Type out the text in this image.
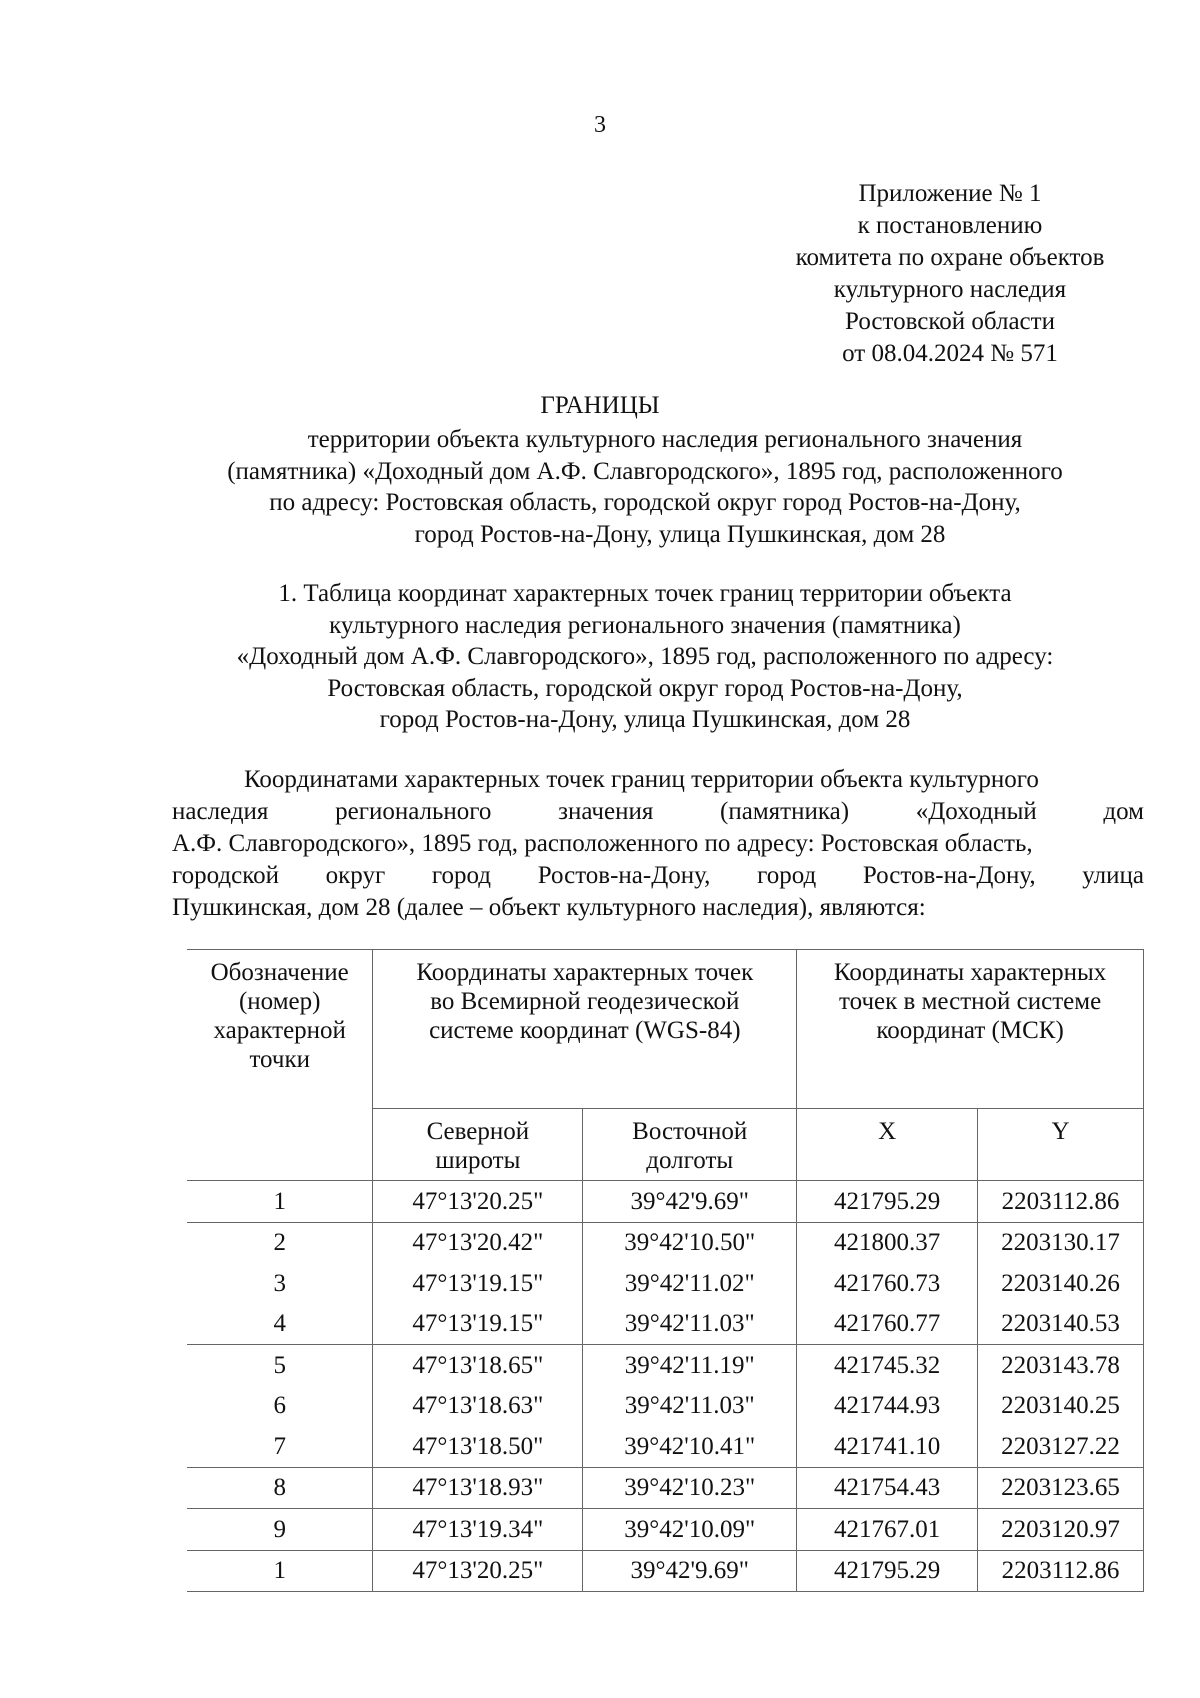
3
Приложение № 1
к постановлению
комитета по охране объектов
культурного наследия
Ростовской области
от 08.04.2024 № 571
ГРАНИЦЫ
территории объекта культурного наследия регионального значения
(памятника) «Доходный дом А.Ф. Славгородского», 1895 год, расположенного
по адресу: Ростовская область, городской округ город Ростов-на-Дону,
город Ростов-на-Дону, улица Пушкинская, дом 28
1. Таблица координат характерных точек границ территории объекта
культурного наследия регионального значения (памятника)
«Доходный дом А.Ф. Славгородского», 1895 год, расположенного по адресу:
Ростовская область, городской округ город Ростов-на-Дону,
город Ростов-на-Дону, улица Пушкинская, дом 28
Координатами характерных точек границ территории объекта культурного
наследия регионального значения (памятника) «Доходный дом
А.Ф. Славгородского», 1895 год, расположенного по адресу: Ростовская область,
городской округ город Ростов-на-Дону, город Ростов-на-Дону, улица
Пушкинская, дом 28 (далее – объект культурного наследия), являются:
Обозначение (номер) характерной точки	Координаты характерных точек во Всемирной геодезической системе координат (WGS-84)		Координаты характерных точек в местной системе координат (МСК)	
	Северной широты	Восточной долготы	X	Y
1	47°13'20.25"	39°42'9.69"	421795.29	2203112.86
2	47°13'20.42"	39°42'10.50"	421800.37	2203130.17
3	47°13'19.15"	39°42'11.02"	421760.73	2203140.26
4	47°13'19.15"	39°42'11.03"	421760.77	2203140.53
5	47°13'18.65"	39°42'11.19"	421745.32	2203143.78
6	47°13'18.63"	39°42'11.03"	421744.93	2203140.25
7	47°13'18.50"	39°42'10.41"	421741.10	2203127.22
8	47°13'18.93"	39°42'10.23"	421754.43	2203123.65
9	47°13'19.34"	39°42'10.09"	421767.01	2203120.97
1	47°13'20.25"	39°42'9.69"	421795.29	2203112.86
